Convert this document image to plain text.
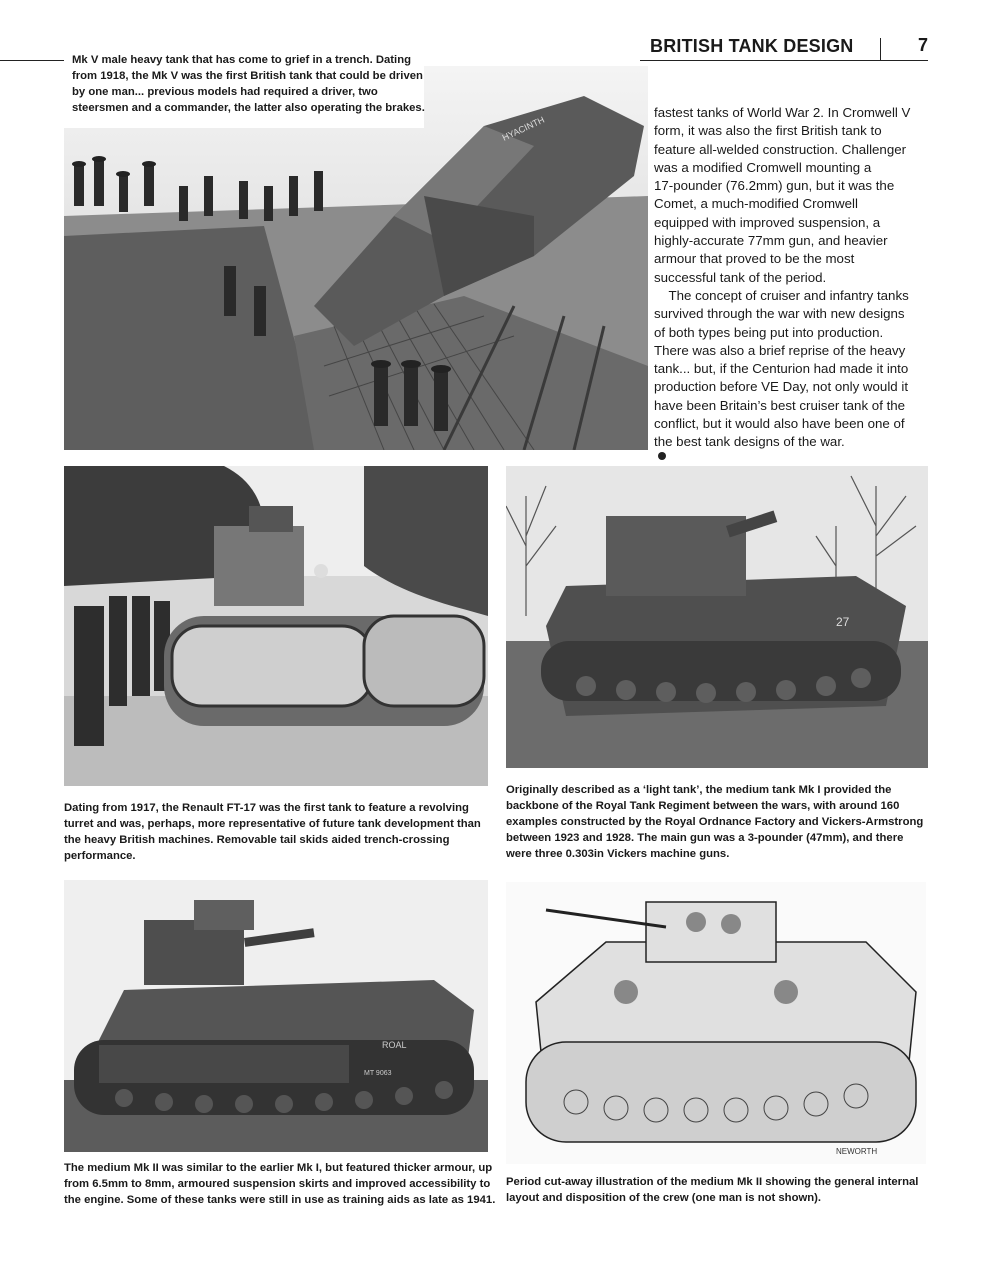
BRITISH TANK DESIGN	7
HYACINTH
Mk V male heavy tank that has come to grief in a trench. Dating
from 1918, the Mk V was the first British tank that could be driven
by one man... previous models had required a driver, two
steersmen and a commander, the latter also operating the brakes.	fastest tanks of World War 2. In Cromwell V
form, it was also the first British tank to
feature all-welded construction. Challenger
was a modified Cromwell mounting a
17-pounder (76.2mm) gun, but it was the
Comet, a much-modified Cromwell
equipped with improved suspension, a
highly-accurate 77mm gun, and heavier
armour that proved to be the most
successful tank of the period.
The concept of cruiser and infantry tanks
survived through the war with new designs
of both types being put into production.
There was also a brief reprise of the heavy
tank... but, if the Centurion had made it into
production before VE Day, not only would it
have been Britain’s best cruiser tank of the
conflict, but it would also have been one of
the best tank designs of the war.
Dating from 1917, the Renault FT-17 was the first tank to feature a revolving
turret and was, perhaps, more representative of future tank development than
the heavy British machines. Removable tail skids aided trench-crossing
performance.
27
Originally described as a ‘light tank’, the medium tank Mk I provided the
backbone of the Royal Tank Regiment between the wars, with around 160
examples constructed by the Royal Ordnance Factory and Vickers-Armstrong
between 1923 and 1928. The main gun was a 3-pounder (47mm), and there
were three 0.303in Vickers machine guns.
ROAL
MT 9063
The medium Mk II was similar to the earlier Mk I, but featured thicker armour, up
from 6.5mm to 8mm, armoured suspension skirts and improved accessibility to
the engine. Some of these tanks were still in use as training aids as late as 1941.
NEWORTH
Period cut-away illustration of the medium Mk II showing the general internal
layout and disposition of the crew (one man is not shown).
